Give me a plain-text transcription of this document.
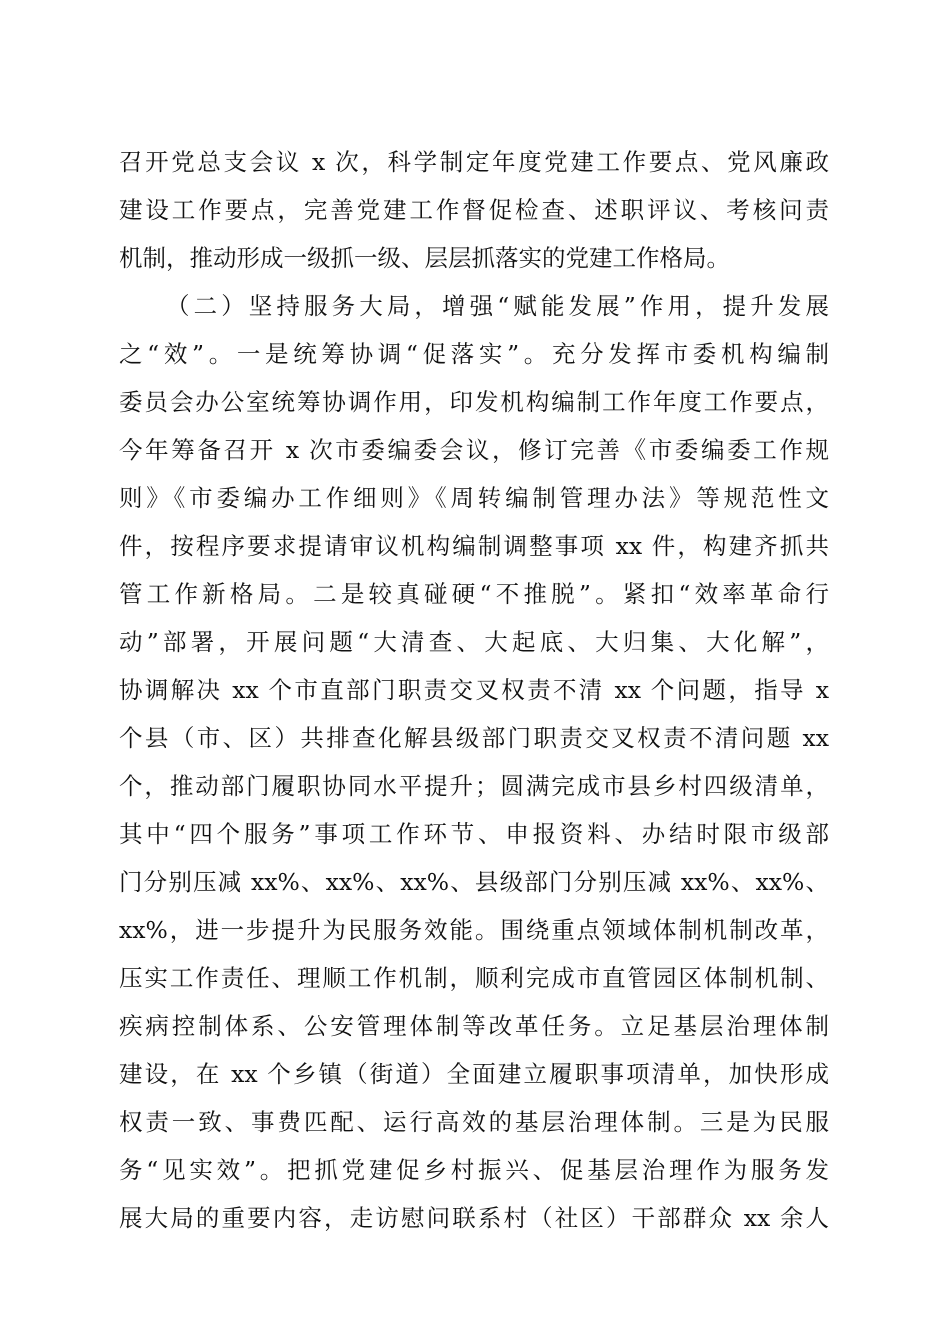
召开党总支会议 x 次，科学制定年度党建工作要点、党风廉政
建设工作要点，完善党建工作督促检查、述职评议、考核问责
机制，推动形成一级抓一级、层层抓落实的党建工作格局。
（二）坚持服务大局，增强“赋能发展”作用，提升发展
之“效”。一是统筹协调“促落实”。充分发挥市委机构编制
委员会办公室统筹协调作用，印发机构编制工作年度工作要点，
今年筹备召开 x 次市委编委会议，修订完善《市委编委工作规
则》《市委编办工作细则》《周转编制管理办法》等规范性文
件，按程序要求提请审议机构编制调整事项 xx 件，构建齐抓共
管工作新格局。二是较真碰硬“不推脱”。紧扣“效率革命行
动”部署，开展问题“大清查、大起底、大归集、大化解”，
协调解决 xx 个市直部门职责交叉权责不清 xx 个问题，指导 x
个县（市、区）共排查化解县级部门职责交叉权责不清问题 xx
个，推动部门履职协同水平提升；圆满完成市县乡村四级清单，
其中“四个服务”事项工作环节、申报资料、办结时限市级部
门分别压减 xx%、xx%、xx%、县级部门分别压减 xx%、xx%、
xx%，进一步提升为民服务效能。围绕重点领域体制机制改革，
压实工作责任、理顺工作机制，顺利完成市直管园区体制机制、
疾病控制体系、公安管理体制等改革任务。立足基层治理体制
建设，在 xx 个乡镇（街道）全面建立履职事项清单，加快形成
权责一致、事费匹配、运行高效的基层治理体制。三是为民服
务“见实效”。把抓党建促乡村振兴、促基层治理作为服务发
展大局的重要内容，走访慰问联系村（社区）干部群众 xx 余人
